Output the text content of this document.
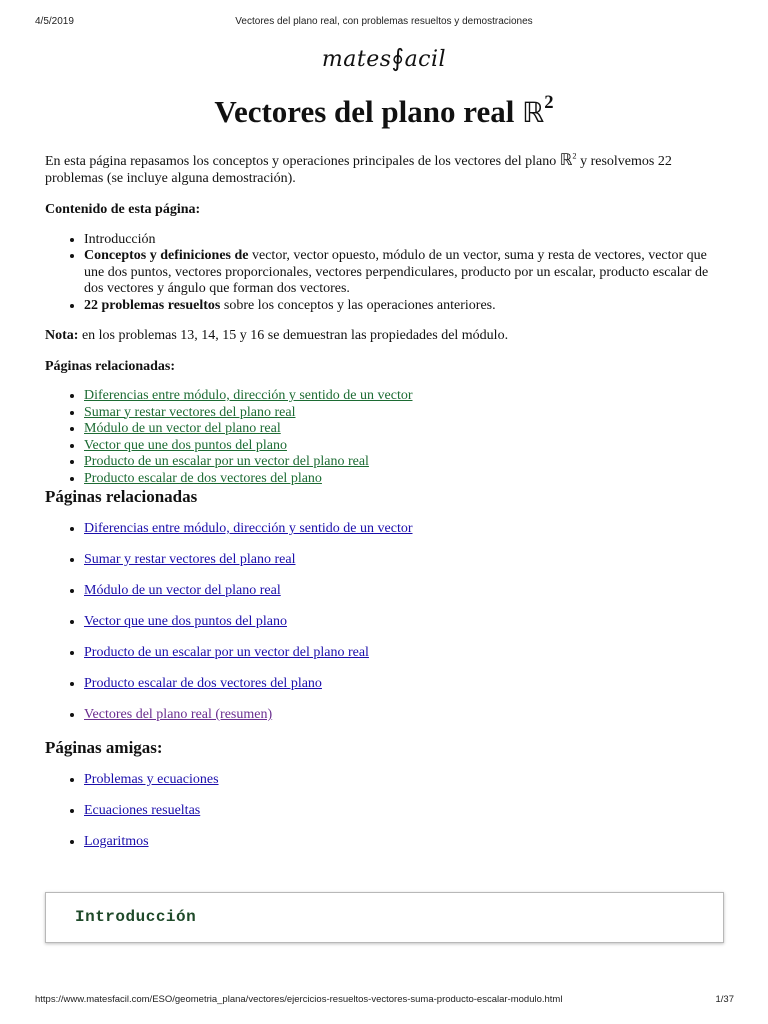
4/5/2019	Vectores del plano real, con problemas resueltos y demostraciones
mates∮acil
Vectores del plano real ℝ$^2$

En esta página repasamos los conceptos y operaciones principales de los vectores del plano ℝ$^2$ y resolvemos 22 problemas (se incluye alguna demostración).

Contenido de esta página:

• Introducción
• Conceptos y definiciones de vector, vector opuesto, módulo de un vector, suma y resta de vectores, vector que une dos puntos, vectores proporcionales, vectores perpendiculares, producto por un escalar, producto escalar de dos vectores y ángulo que forman dos vectores.
• 22 problemas resueltos sobre los conceptos y las operaciones anteriores.

Nota: en los problemas 13, 14, 15 y 16 se demuestran las propiedades del módulo.

Páginas relacionadas:

• Diferencias entre módulo, dirección y sentido de un vector
• Sumar y restar vectores del plano real
• Módulo de un vector del plano real
• Vector que une dos puntos del plano
• Producto de un escalar por un vector del plano real
• Producto escalar de dos vectores del plano
Páginas relacionadas
• Diferencias entre módulo, dirección y sentido de un vector
• Sumar y restar vectores del plano real
• Módulo de un vector del plano real
• Vector que une dos puntos del plano
• Producto de un escalar por un vector del plano real
• Producto escalar de dos vectores del plano
• Vectores del plano real (resumen)
Páginas amigas:
• Problemas y ecuaciones
• Ecuaciones resueltas
• Logaritmos
Introducción
https://www.matesfacil.com/ESO/geometria_plana/vectores/ejercicios-resueltos-vectores-suma-producto-escalar-modulo.html	1/37
